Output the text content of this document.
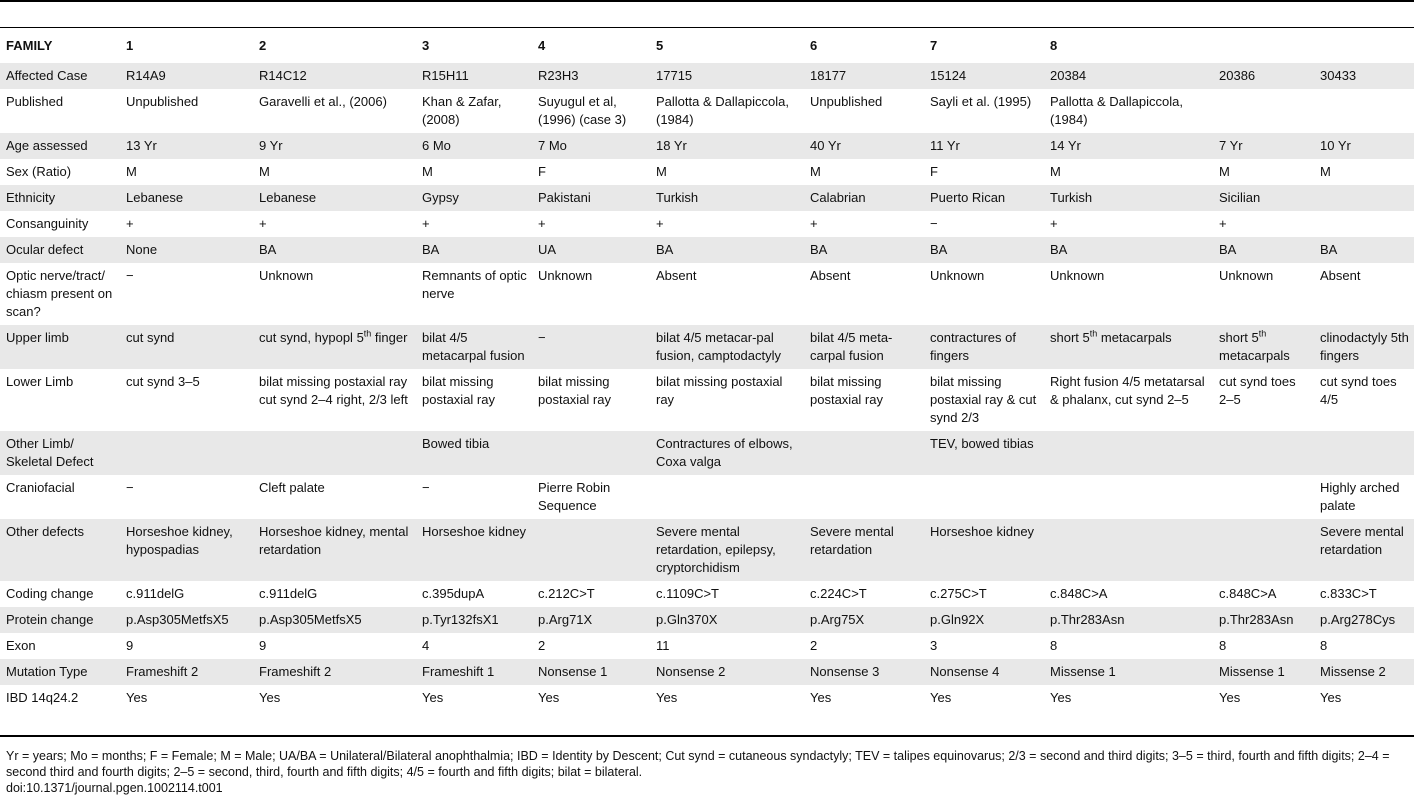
FAMILY	1	2	3	4	5	6	7	8		
Affected Case	R14A9	R14C12	R15H11	R23H3	17715	18177	15124	20384	20386	30433
Published	Unpublished	Garavelli et al., (2006)	Khan & Zafar, (2008)	Suyugul et al, (1996) (case 3)	Pallotta & Dallapiccola, (1984)	Unpublished	Sayli et al. (1995)	Pallotta & Dallapiccola, (1984)		
Age assessed	13 Yr	9 Yr	6 Mo	7 Mo	18 Yr	40 Yr	11 Yr	14 Yr	7 Yr	10 Yr
Sex (Ratio)	M	M	M	F	M	M	F	M	M	M
Ethnicity	Lebanese	Lebanese	Gypsy	Pakistani	Turkish	Calabrian	Puerto Rican	Turkish	Sicilian	
Consanguinity	+	+	+	+	+	+	−	+	+	
Ocular defect	None	BA	BA	UA	BA	BA	BA	BA	BA	BA
Optic nerve/tract/ chiasm present on scan?	−	Unknown	Remnants of optic nerve	Unknown	Absent	Absent	Unknown	Unknown	Unknown	Absent
Upper limb	cut synd	cut synd, hypopl 5th finger	bilat 4/5 metacarpal fusion	−	bilat 4/5 metacar-pal fusion, camptodactyly	bilat 4/5 meta-carpal fusion	contractures of fingers	short 5th metacarpals	short 5th metacarpals	clinodactyly 5th fingers
Lower Limb	cut synd 3–5	bilat missing postaxial ray cut synd 2–4 right, 2/3 left	bilat missing postaxial ray	bilat missing postaxial ray	bilat missing postaxial ray	bilat missing postaxial ray	bilat missing postaxial ray & cut synd 2/3	Right fusion 4/5 metatarsal & phalanx, cut synd 2–5	cut synd toes 2–5	cut synd toes 4/5
Other Limb/ Skeletal Defect			Bowed tibia		Contractures of elbows, Coxa valga		TEV, bowed tibias			
Craniofacial	−	Cleft palate	−	Pierre Robin Sequence						Highly arched palate
Other defects	Horseshoe kidney, hypospadias	Horseshoe kidney, mental retardation	Horseshoe kidney		Severe mental retardation, epilepsy, cryptorchidism	Severe mental retardation	Horseshoe kidney			Severe mental retardation
Coding change	c.911delG	c.911delG	c.395dupA	c.212C>T	c.1109C>T	c.224C>T	c.275C>T	c.848C>A	c.848C>A	c.833C>T
Protein change	p.Asp305MetfsX5	p.Asp305MetfsX5	p.Tyr132fsX1	p.Arg71X	p.Gln370X	p.Arg75X	p.Gln92X	p.Thr283Asn	p.Thr283Asn	p.Arg278Cys
Exon	9	9	4	2	11	2	3	8	8	8
Mutation Type	Frameshift 2	Frameshift 2	Frameshift 1	Nonsense 1	Nonsense 2	Nonsense 3	Nonsense 4	Missense 1	Missense 1	Missense 2
IBD 14q24.2	Yes	Yes	Yes	Yes	Yes	Yes	Yes	Yes	Yes	Yes
Yr = years; Mo = months; F = Female; M = Male; UA/BA = Unilateral/Bilateral anophthalmia; IBD = Identity by Descent; Cut synd = cutaneous syndactyly; TEV = talipes equinovarus; 2/3 = second and third digits; 3–5 = third, fourth and fifth digits; 2–4 = second third and fourth digits; 2–5 = second, third, fourth and fifth digits; 4/5 = fourth and fifth digits; bilat = bilateral.
doi:10.1371/journal.pgen.1002114.t001
